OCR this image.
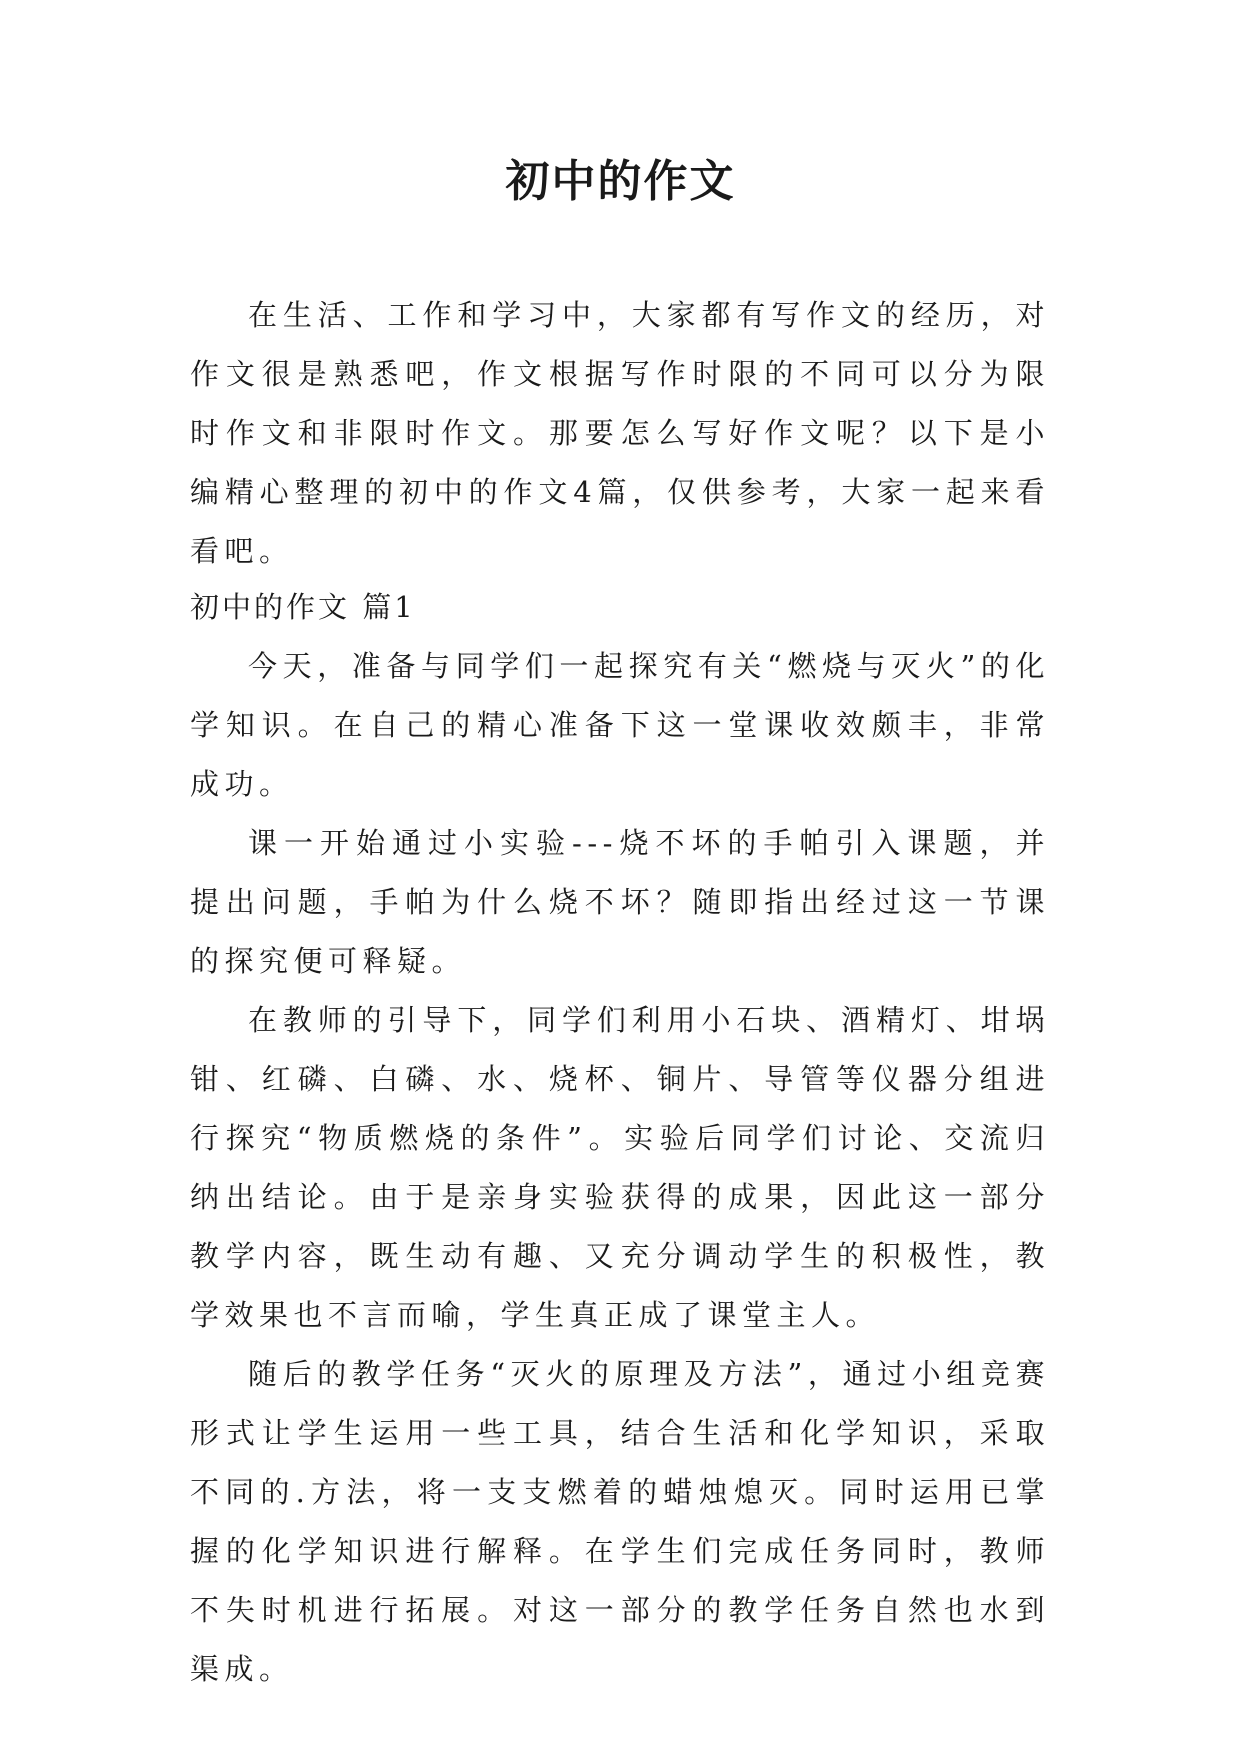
初中的作文

在生活、工作和学习中，大家都有写作文的经历，对作文很是熟悉吧，作文根据写作时限的不同可以分为限时作文和非限时作文。那要怎么写好作文呢？以下是小编精心整理的初中的作文4篇，仅供参考，大家一起来看看吧。

初中的作文 篇1

今天，准备与同学们一起探究有关“燃烧与灭火”的化学知识。在自己的精心准备下这一堂课收效颇丰，非常成功。

课一开始通过小实验---烧不坏的手帕引入课题，并提出问题，手帕为什么烧不坏？随即指出经过这一节课的探究便可释疑。

在教师的引导下，同学们利用小石块、酒精灯、坩埚钳、红磷、白磷、水、烧杯、铜片、导管等仪器分组进行探究“物质燃烧的条件”。实验后同学们讨论、交流归纳出结论。由于是亲身实验获得的成果，因此这一部分教学内容，既生动有趣、又充分调动学生的积极性，教学效果也不言而喻，学生真正成了课堂主人。

随后的教学任务“灭火的原理及方法”，通过小组竞赛形式让学生运用一些工具，结合生活和化学知识，采取不同的.方法，将一支支燃着的蜡烛熄灭。同时运用已掌握的化学知识进行解释。在学生们完成任务同时，教师不失时机进行拓展。对这一部分的教学任务自然也水到渠成。
